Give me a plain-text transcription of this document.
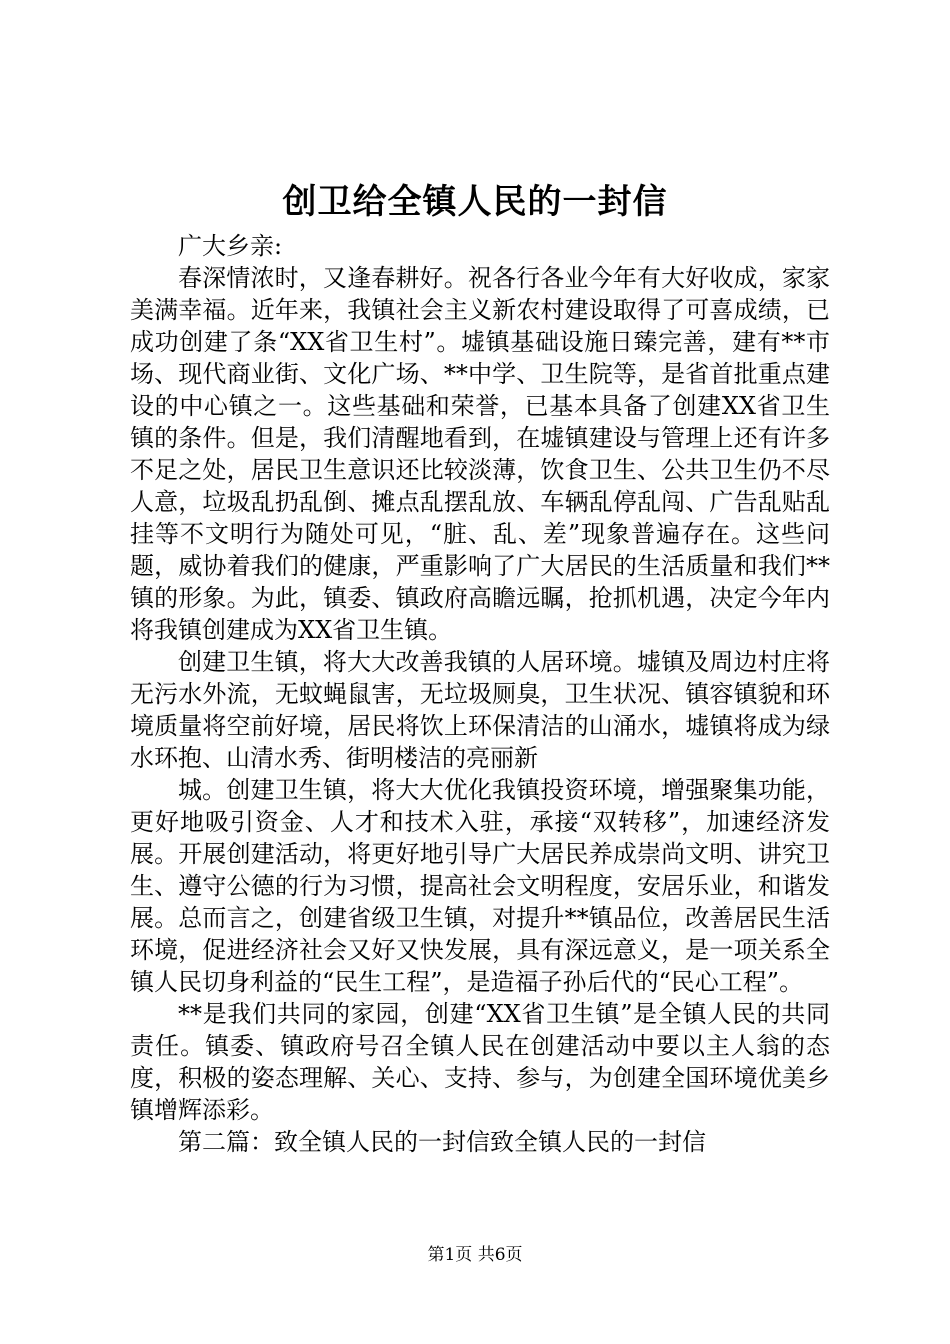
创卫给全镇人民的一封信

广大乡亲:

春深情浓时，又逢春耕好。祝各行各业今年有大好收成，家家美满幸福。近年来，我镇社会主义新农村建设取得了可喜成绩，已成功创建了条“XX省卫生村”。墟镇基础设施日臻完善，建有**市场、现代商业街、文化广场、**中学、卫生院等，是省首批重点建设的中心镇之一。这些基础和荣誉，已基本具备了创建XX省卫生镇的条件。但是，我们清醒地看到，在墟镇建设与管理上还有许多不足之处，居民卫生意识还比较淡薄，饮食卫生、公共卫生仍不尽人意，垃圾乱扔乱倒、摊点乱摆乱放、车辆乱停乱闯、广告乱贴乱挂等不文明行为随处可见，“脏、乱、差”现象普遍存在。这些问题，威协着我们的健康，严重影响了广大居民的生活质量和我们**镇的形象。为此，镇委、镇政府高瞻远瞩，抢抓机遇，决定今年内将我镇创建成为XX省卫生镇。

创建卫生镇，将大大改善我镇的人居环境。墟镇及周边村庄将无污水外流，无蚊蝇鼠害，无垃圾厕臭，卫生状况、镇容镇貌和环境质量将空前好境，居民将饮上环保清洁的山涌水，墟镇将成为绿水环抱、山清水秀、街明楼洁的亮丽新

城。创建卫生镇，将大大优化我镇投资环境，增强聚集功能，更好地吸引资金、人才和技术入驻，承接“双转移”，加速经济发展。开展创建活动，将更好地引导广大居民养成崇尚文明、讲究卫生、遵守公德的行为习惯，提高社会文明程度，安居乐业，和谐发展。总而言之，创建省级卫生镇，对提升**镇品位，改善居民生活环境，促进经济社会又好又快发展，具有深远意义，是一项关系全镇人民切身利益的“民生工程”，是造福子孙后代的“民心工程”。

**是我们共同的家园，创建“XX省卫生镇”是全镇人民的共同责任。镇委、镇政府号召全镇人民在创建活动中要以主人翁的态度，积极的姿态理解、关心、支持、参与，为创建全国环境优美乡镇增辉添彩。

第二篇：致全镇人民的一封信致全镇人民的一封信

第1页 共6页
